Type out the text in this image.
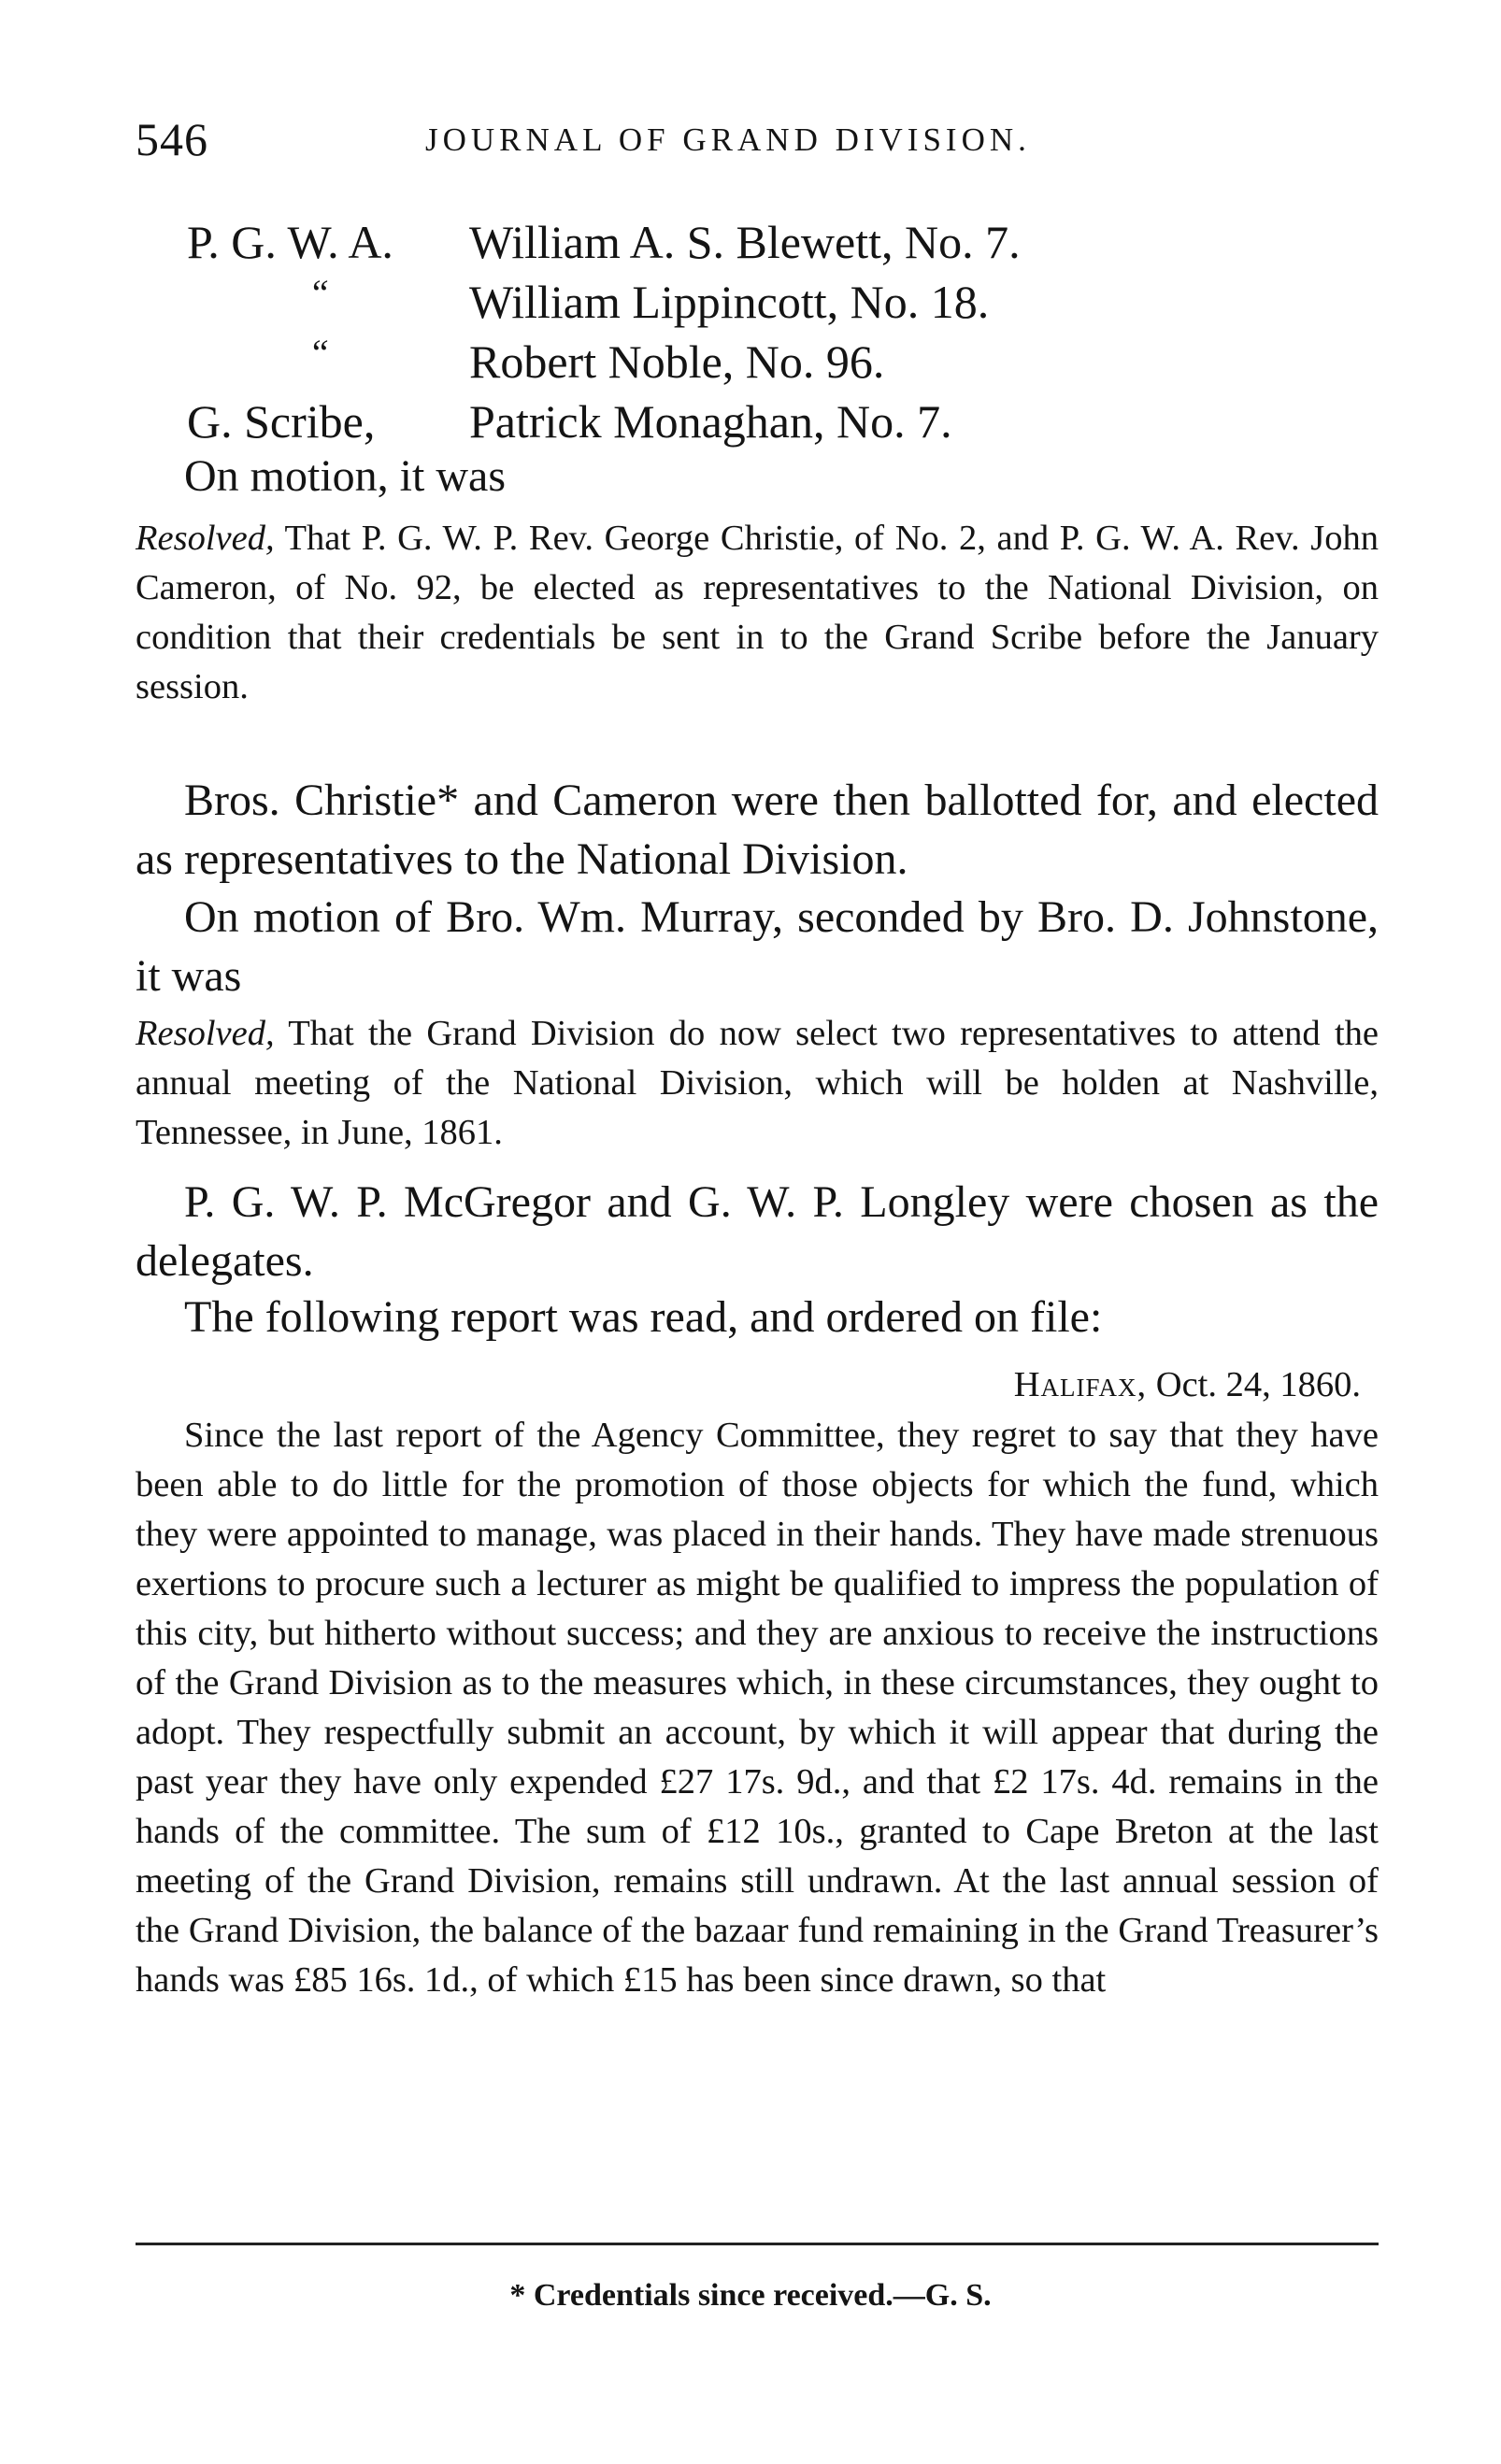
546	JOURNAL OF GRAND DIVISION.
P. G. W. A. William A. S. Blewett, No. 7.
“	William Lippincott, No. 18.
“	Robert Noble, No. 96.
G. Scribe, Patrick Monaghan, No. 7.

On motion, it was

Resolved, That P. G. W. P. Rev. George Christie, of No. 2, and P. G. W. A. Rev. John Cameron, of No. 92, be elected as representatives to the National Division, on condition that their credentials be sent in to the Grand Scribe before the January session.

Bros. Christie* and Cameron were then ballotted for, and elected as representatives to the National Division.

On motion of Bro. Wm. Murray, seconded by Bro. D. Johnstone, it was

Resolved, That the Grand Division do now select two representatives to attend the annual meeting of the National Division, which will be holden at Nashville, Tennessee, in June, 1861.

P. G. W. P. McGregor and G. W. P. Longley were chosen as the delegates.

The following report was read, and ordered on file:

Halifax, Oct. 24, 1860.

Since the last report of the Agency Committee, they regret to say that they have been able to do little for the promotion of those objects for which the fund, which they were appointed to manage, was placed in their hands. They have made strenuous exertions to procure such a lecturer as might be qualified to impress the population of this city, but hitherto without success; and they are anxious to receive the instructions of the Grand Division as to the measures which, in these circumstances, they ought to adopt. They respectfully submit an account, by which it will appear that during the past year they have only expended £27 17s. 9d., and that £2 17s. 4d. remains in the hands of the committee. The sum of £12 10s., granted to Cape Breton at the last meeting of the Grand Division, remains still undrawn. At the last annual session of the Grand Division, the balance of the bazaar fund remaining in the Grand Treasurer’s hands was £85 16s. 1d., of which £15 has been since drawn, so that

* Credentials since received.—G. S.
